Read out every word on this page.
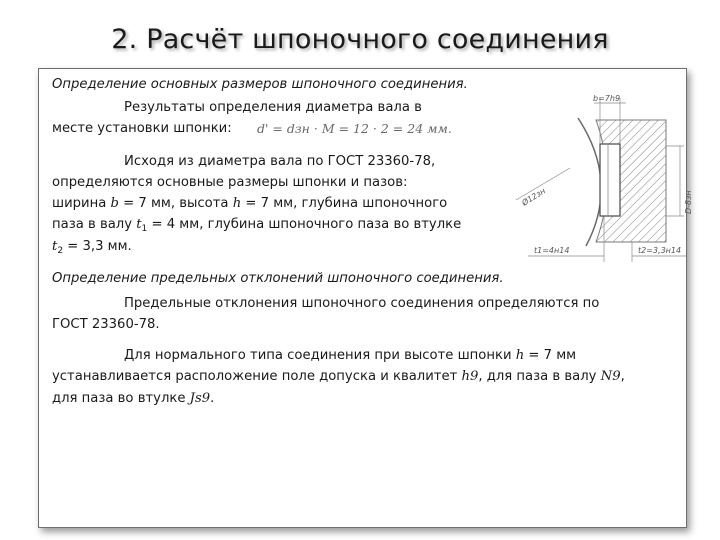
2. Расчёт шпоночного соединения
Определение основных размеров шпоночного соединения.
Результаты определения диаметра вала в
месте установки шпонки: d' = dзн · M = 12 · 2 = 24 мм.
Исходя из диаметра вала по ГОСТ 23360-78,
определяются основные размеры шпонки и пазов:
ширина b = 7 мм, высота h = 7 мм, глубина шпоночного
паза в валу $t_1 = 4$ мм, глубина шпоночного паза во втулке
$t_2 = 3,3$ мм.
Определение предельных отклонений шпоночного соединения.
Предельные отклонения шпоночного соединения определяются по
ГОСТ 23360-78.
Для нормального типа соединения при высоте шпонки h = 7 мм
устанавливается расположение поле допуска и квалитет h9, для паза в валу N9,
для паза во втулке Js9.
b=7h9
D-8зн
Ø12зн
t1=4н14	t2=3,3н14
